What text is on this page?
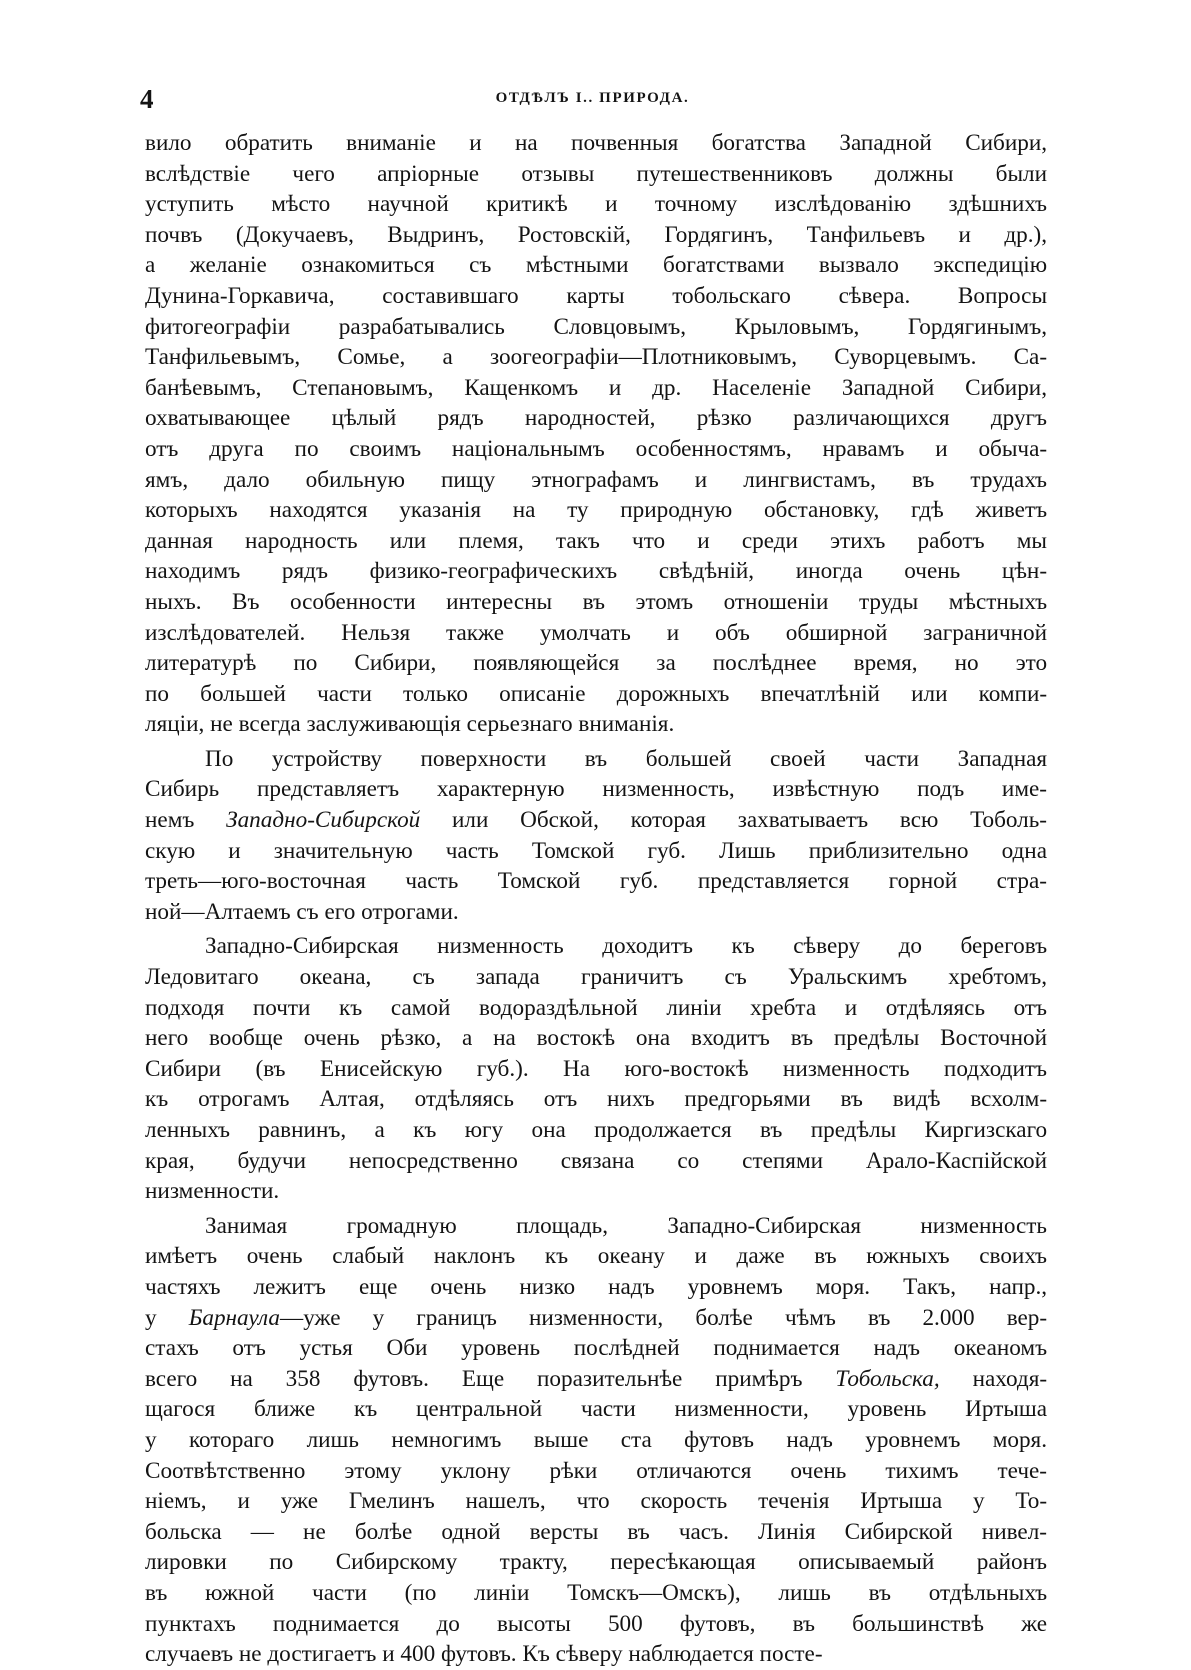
4	ОТДѢЛЪ I.. ПРИРОДА.

вило обратить вниманіе и на почвенныя богатства Западной Сибири,
вслѣдствіе чего апріорные отзывы путешественниковъ должны были
уступить мѣсто научной критикѣ и точному изслѣдованію здѣшнихъ
почвъ (Докучаевъ, Выдринъ, Ростовскій, Гордягинъ, Танфильевъ и др.),
а желаніе ознакомиться съ мѣстными богатствами вызвало экспедицію
Дунина-Горкавича, составившаго карты тобольскаго сѣвера. Вопросы
фитогеографіи разрабатывались Словцовымъ, Крыловымъ, Гордягинымъ,
Танфильевымъ, Сомье, а зоогеографіи—Плотниковымъ, Суворцевымъ. Са-
банѣевымъ, Степановымъ, Кащенкомъ и др. Населеніе Западной Сибири,
охватывающее цѣлый рядъ народностей, рѣзко различающихся другъ
отъ друга по своимъ національнымъ особенностямъ, нравамъ и обыча-
ямъ, дало обильную пищу этнографамъ и лингвистамъ, въ трудахъ
которыхъ находятся указанія на ту природную обстановку, гдѣ живетъ
данная народность или племя, такъ что и среди этихъ работъ мы
находимъ рядъ физико-географическихъ свѣдѣній, иногда очень цѣн-
ныхъ. Въ особенности интересны въ этомъ отношеніи труды мѣстныхъ
изслѣдователей. Нельзя также умолчать и объ обширной заграничной
литературѣ по Сибири, появляющейся за послѣднее время, но это
по большей части только описаніе дорожныхъ впечатлѣній или компи-
ляціи, не всегда заслуживающія серьезнаго вниманія.

По устройству поверхности въ большей своей части Западная
Сибирь представляетъ характерную низменность, извѣстную подъ име-
немъ Западно-Сибирской или Обской, которая захватываетъ всю Тоболь-
скую и значительную часть Томской губ. Лишь приблизительно одна
треть—юго-восточная часть Томской губ. представляется горной стра-
ной—Алтаемъ съ его отрогами.

Западно-Сибирская низменность доходитъ къ сѣверу до береговъ
Ледовитаго океана, съ запада граничитъ съ Уральскимъ хребтомъ,
подходя почти къ самой водораздѣльной линіи хребта и отдѣляясь отъ
него вообще очень рѣзко, а на востокѣ она входитъ въ предѣлы Восточной
Сибири (въ Енисейскую губ.). На юго-востокѣ низменность подходитъ
къ отрогамъ Алтая, отдѣляясь отъ нихъ предгорьями въ видѣ всхолм-
ленныхъ равнинъ, а къ югу она продолжается въ предѣлы Киргизскаго
края, будучи непосредственно связана со степями Арало-Каспійской
низменности.

Занимая	громадную	площадь,	Западно-Сибирская	низменность
имѣетъ очень слабый наклонъ къ океану и даже въ южныхъ своихъ
частяхъ лежитъ еще очень низко надъ уровнемъ моря. Такъ, напр.,
у Барнаула—уже у границъ низменности, болѣе чѣмъ въ 2.000 вер-
стахъ отъ устья Оби уровень послѣдней поднимается надъ океаномъ
всего на 358 футовъ. Еще поразительнѣе примѣръ Тобольска, находя-
щагося ближе къ центральной части низменности, уровень Иртыша
у котораго лишь немногимъ выше ста футовъ надъ уровнемъ моря.
Соотвѣтственно этому уклону рѣки отличаются очень тихимъ тече-
ніемъ, и уже Гмелинъ нашелъ, что скорость теченія Иртыша у То-
больска — не болѣе одной версты въ часъ. Линія Сибирской нивел-
лировки по Сибирскому тракту, пересѣкающая описываемый районъ
въ южной части (по линіи Томскъ—Омскъ), лишь въ отдѣльныхъ
пунктахъ поднимается до высоты 500 футовъ, въ большинствѣ же
случаевъ не достигаетъ и 400 футовъ. Къ сѣверу наблюдается посте-
